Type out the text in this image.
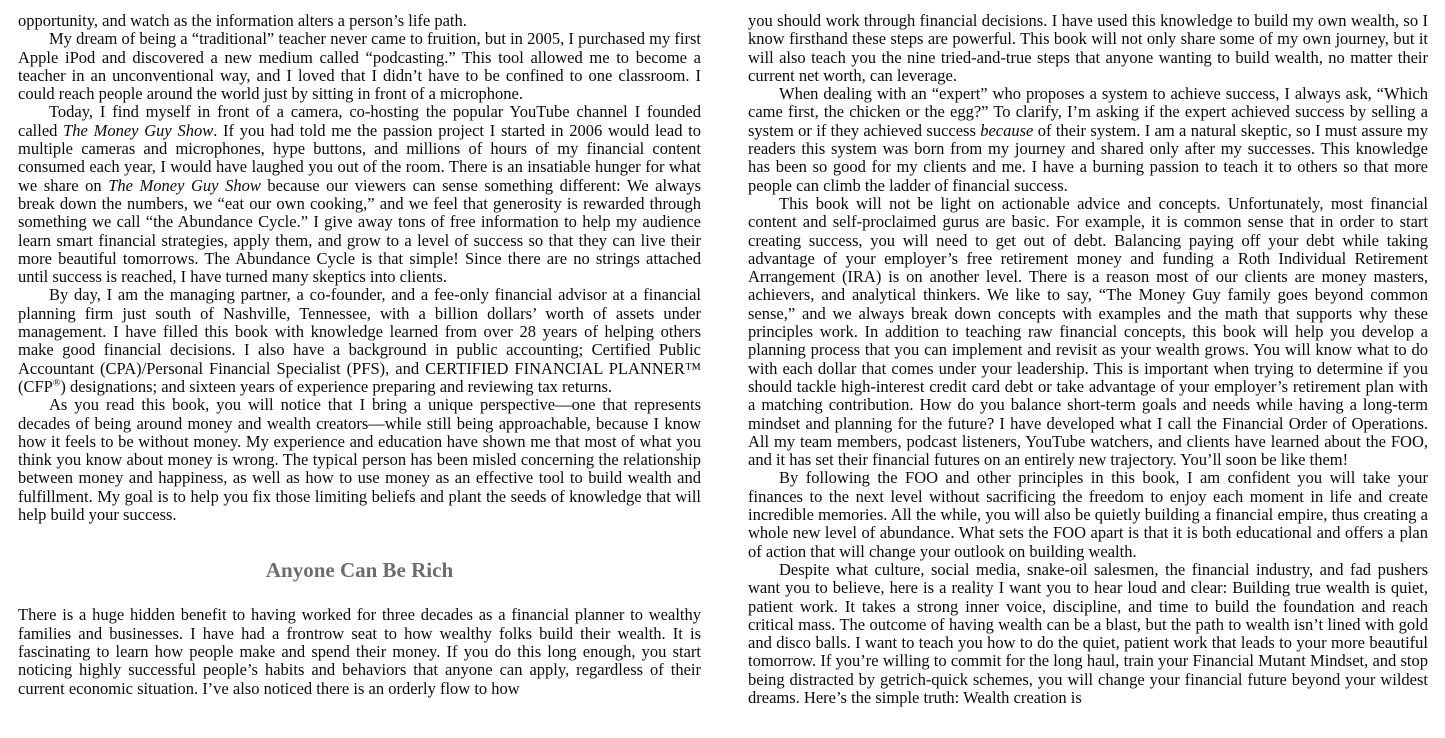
opportunity, and watch as the information alters a person’s life path.

My dream of being a “traditional” teacher never came to fruition, but in 2005, I purchased my first Apple iPod and discovered a new medium called “podcasting.” This tool allowed me to become a teacher in an unconventional way, and I loved that I didn’t have to be confined to one classroom. I could reach people around the world just by sitting in front of a microphone.

Today, I find myself in front of a camera, co-hosting the popular YouTube channel I founded called The Money Guy Show. If you had told me the passion project I started in 2006 would lead to multiple cameras and microphones, hype buttons, and millions of hours of my financial content consumed each year, I would have laughed you out of the room. There is an insatiable hunger for what we share on The Money Guy Show because our viewers can sense something different: We always break down the numbers, we “eat our own cooking,” and we feel that generosity is rewarded through something we call “the Abundance Cycle.” I give away tons of free information to help my audience learn smart financial strategies, apply them, and grow to a level of success so that they can live their more beautiful tomorrows. The Abundance Cycle is that simple! Since there are no strings attached until success is reached, I have turned many skeptics into clients.

By day, I am the managing partner, a co-founder, and a fee-only financial advisor at a financial planning firm just south of Nashville, Tennessee, with a billion dollars’ worth of assets under management. I have filled this book with knowledge learned from over 28 years of helping others make good financial decisions. I also have a background in public accounting; Certified Public Accountant (CPA)/Personal Financial Specialist (PFS), and CERTIFIED FINANCIAL PLANNER™ (CFP®) designations; and sixteen years of experience preparing and reviewing tax returns.

As you read this book, you will notice that I bring a unique perspective—one that represents decades of being around money and wealth creators—while still being approachable, because I know how it feels to be without money. My experience and education have shown me that most of what you think you know about money is wrong. The typical person has been misled concerning the relationship between money and happiness, as well as how to use money as an effective tool to build wealth and fulfillment. My goal is to help you fix those limiting beliefs and plant the seeds of knowledge that will help build your success.

Anyone Can Be Rich

There is a huge hidden benefit to having worked for three decades as a financial planner to wealthy families and businesses. I have had a frontrow seat to how wealthy folks build their wealth. It is fascinating to learn how people make and spend their money. If you do this long enough, you start noticing highly successful people’s habits and behaviors that anyone can apply, regardless of their current economic situation. I’ve also noticed there is an orderly flow to how

you should work through financial decisions. I have used this knowledge to build my own wealth, so I know firsthand these steps are powerful. This book will not only share some of my own journey, but it will also teach you the nine tried-and-true steps that anyone wanting to build wealth, no matter their current net worth, can leverage.

When dealing with an “expert” who proposes a system to achieve success, I always ask, “Which came first, the chicken or the egg?” To clarify, I’m asking if the expert achieved success by selling a system or if they achieved success because of their system. I am a natural skeptic, so I must assure my readers this system was born from my journey and shared only after my successes. This knowledge has been so good for my clients and me. I have a burning passion to teach it to others so that more people can climb the ladder of financial success.

This book will not be light on actionable advice and concepts. Unfortunately, most financial content and self-proclaimed gurus are basic. For example, it is common sense that in order to start creating success, you will need to get out of debt. Balancing paying off your debt while taking advantage of your employer’s free retirement money and funding a Roth Individual Retirement Arrangement (IRA) is on another level. There is a reason most of our clients are money masters, achievers, and analytical thinkers. We like to say, “The Money Guy family goes beyond common sense,” and we always break down concepts with examples and the math that supports why these principles work. In addition to teaching raw financial concepts, this book will help you develop a planning process that you can implement and revisit as your wealth grows. You will know what to do with each dollar that comes under your leadership. This is important when trying to determine if you should tackle high-interest credit card debt or take advantage of your employer’s retirement plan with a matching contribution. How do you balance short-term goals and needs while having a long-term mindset and planning for the future? I have developed what I call the Financial Order of Operations. All my team members, podcast listeners, YouTube watchers, and clients have learned about the FOO, and it has set their financial futures on an entirely new trajectory. You’ll soon be like them!

By following the FOO and other principles in this book, I am confident you will take your finances to the next level without sacrificing the freedom to enjoy each moment in life and create incredible memories. All the while, you will also be quietly building a financial empire, thus creating a whole new level of abundance. What sets the FOO apart is that it is both educational and offers a plan of action that will change your outlook on building wealth.

Despite what culture, social media, snake-oil salesmen, the financial industry, and fad pushers want you to believe, here is a reality I want you to hear loud and clear: Building true wealth is quiet, patient work. It takes a strong inner voice, discipline, and time to build the foundation and reach critical mass. The outcome of having wealth can be a blast, but the path to wealth isn’t lined with gold and disco balls. I want to teach you how to do the quiet, patient work that leads to your more beautiful tomorrow. If you’re willing to commit for the long haul, train your Financial Mutant Mindset, and stop being distracted by getrich-quick schemes, you will change your financial future beyond your wildest dreams. Here’s the simple truth: Wealth creation is
